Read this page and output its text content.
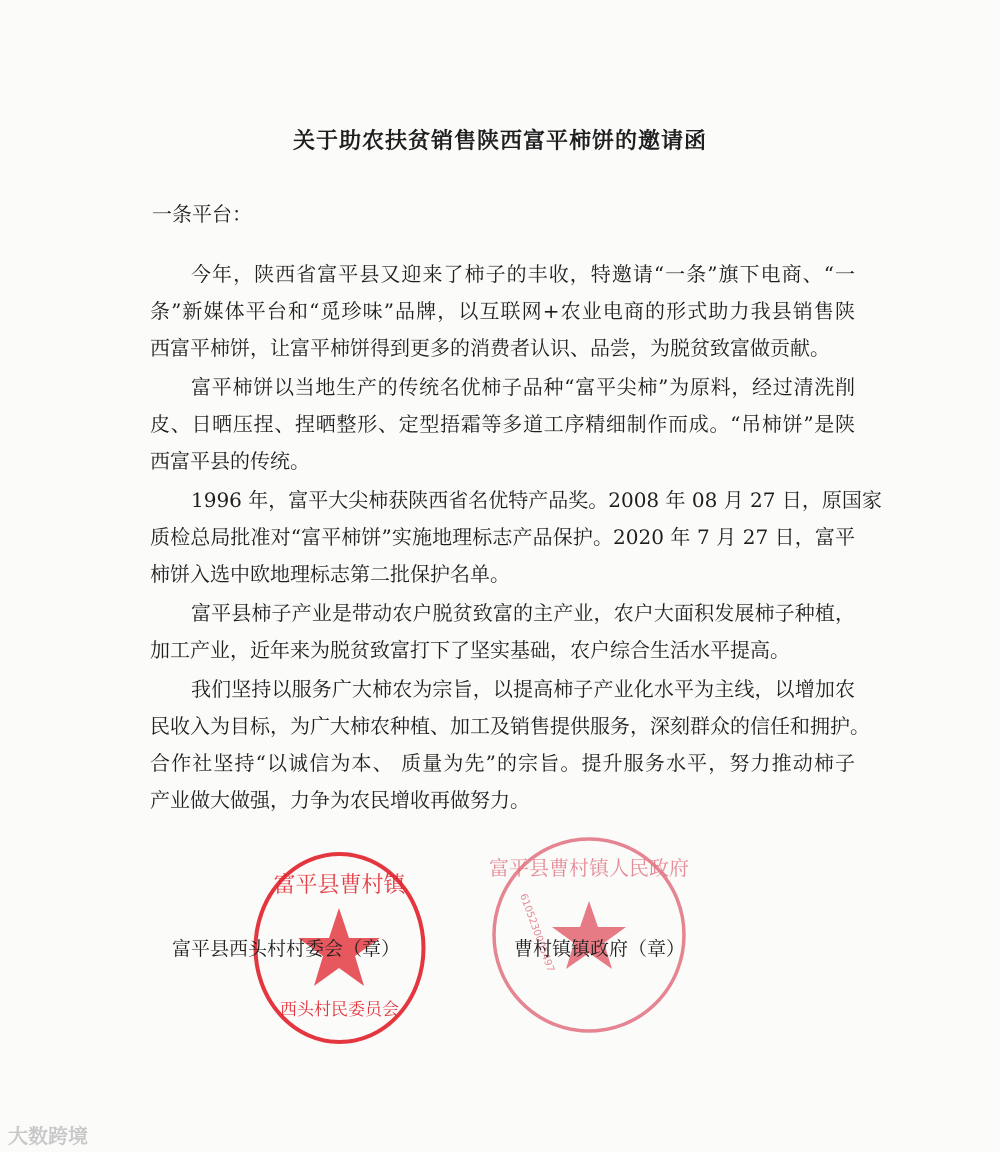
关于助农扶贫销售陕西富平柿饼的邀请函
一条平台：
今年，陕西省富平县又迎来了柿子的丰收，特邀请“一条”旗下电商、“一
条”新媒体平台和“觅珍味”品牌，以互联网+农业电商的形式助力我县销售陕
西富平柿饼，让富平柿饼得到更多的消费者认识、品尝，为脱贫致富做贡献。
富平柿饼以当地生产的传统名优柿子品种“富平尖柿”为原料，经过清洗削
皮、日晒压捏、捏晒整形、定型捂霜等多道工序精细制作而成。“吊柿饼”是陕
西富平县的传统。
1996 年，富平大尖柿获陕西省名优特产品奖。2008 年 08 月 27 日，原国家
质检总局批准对“富平柿饼”实施地理标志产品保护。2020 年 7 月 27 日，富平
柿饼入选中欧地理标志第二批保护名单。
富平县柿子产业是带动农户脱贫致富的主产业，农户大面积发展柿子种植，
加工产业，近年来为脱贫致富打下了坚实基础，农户综合生活水平提高。
我们坚持以服务广大柿农为宗旨，以提高柿子产业化水平为主线，以增加农
民收入为目标，为广大柿农种植、加工及销售提供服务，深刻群众的信任和拥护。
合作社坚持“以诚信为本、 质量为先”的宗旨。提升服务水平，努力推动柿子
产业做大做强，力争为农民增收再做努力。
富平县曹村镇
西头村民委员会
富平县曹村镇人民政府
6105230005497
富平县西头村村委会（章）	曹村镇镇政府（章）
大数跨境
